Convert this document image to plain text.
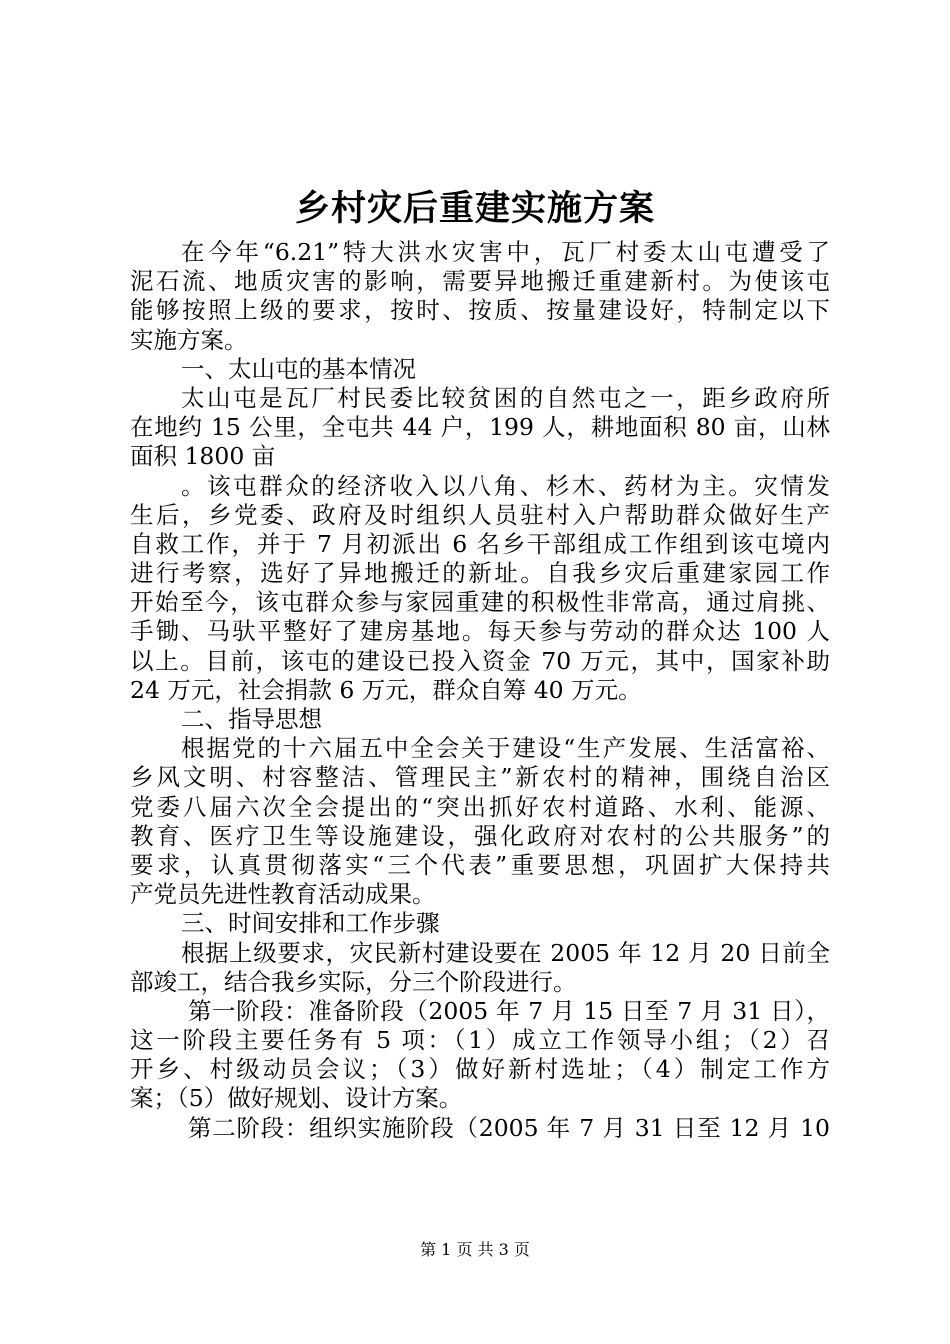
乡村灾后重建实施方案
在今年“6.21”特大洪水灾害中，瓦厂村委太山屯遭受了
泥石流、地质灾害的影响，需要异地搬迁重建新村。为使该屯
能够按照上级的要求，按时、按质、按量建设好，特制定以下
实施方案。
一、太山屯的基本情况
太山屯是瓦厂村民委比较贫困的自然屯之一，距乡政府所
在地约 15 公里，全屯共 44 户，199 人，耕地面积 80 亩，山林
面积 1800 亩
。该屯群众的经济收入以八角、杉木、药材为主。灾情发
生后，乡党委、政府及时组织人员驻村入户帮助群众做好生产
自救工作，并于 7 月初派出 6 名乡干部组成工作组到该屯境内
进行考察，选好了异地搬迁的新址。自我乡灾后重建家园工作
开始至今，该屯群众参与家园重建的积极性非常高，通过肩挑、
手锄、马驮平整好了建房基地。每天参与劳动的群众达 100 人
以上。目前，该屯的建设已投入资金 70 万元，其中，国家补助
24 万元，社会捐款 6 万元，群众自筹 40 万元。
二、指导思想
根据党的十六届五中全会关于建设“生产发展、生活富裕、
乡风文明、村容整洁、管理民主”新农村的精神，围绕自治区
党委八届六次全会提出的“突出抓好农村道路、水利、能源、
教育、医疗卫生等设施建设，强化政府对农村的公共服务”的
要求，认真贯彻落实“三个代表”重要思想，巩固扩大保持共
产党员先进性教育活动成果。
三、时间安排和工作步骤
根据上级要求，灾民新村建设要在 2005 年 12 月 20 日前全
部竣工，结合我乡实际，分三个阶段进行。
第一阶段：准备阶段（2005 年 7 月 15 日至 7 月 31 日），
这一阶段主要任务有 5 项：（1）成立工作领导小组；（2）召
开乡、村级动员会议；（3）做好新村选址；（4）制定工作方
案；（5）做好规划、设计方案。
第二阶段：组织实施阶段（2005 年 7 月 31 日至 12 月 10
第 1 页 共 3 页
